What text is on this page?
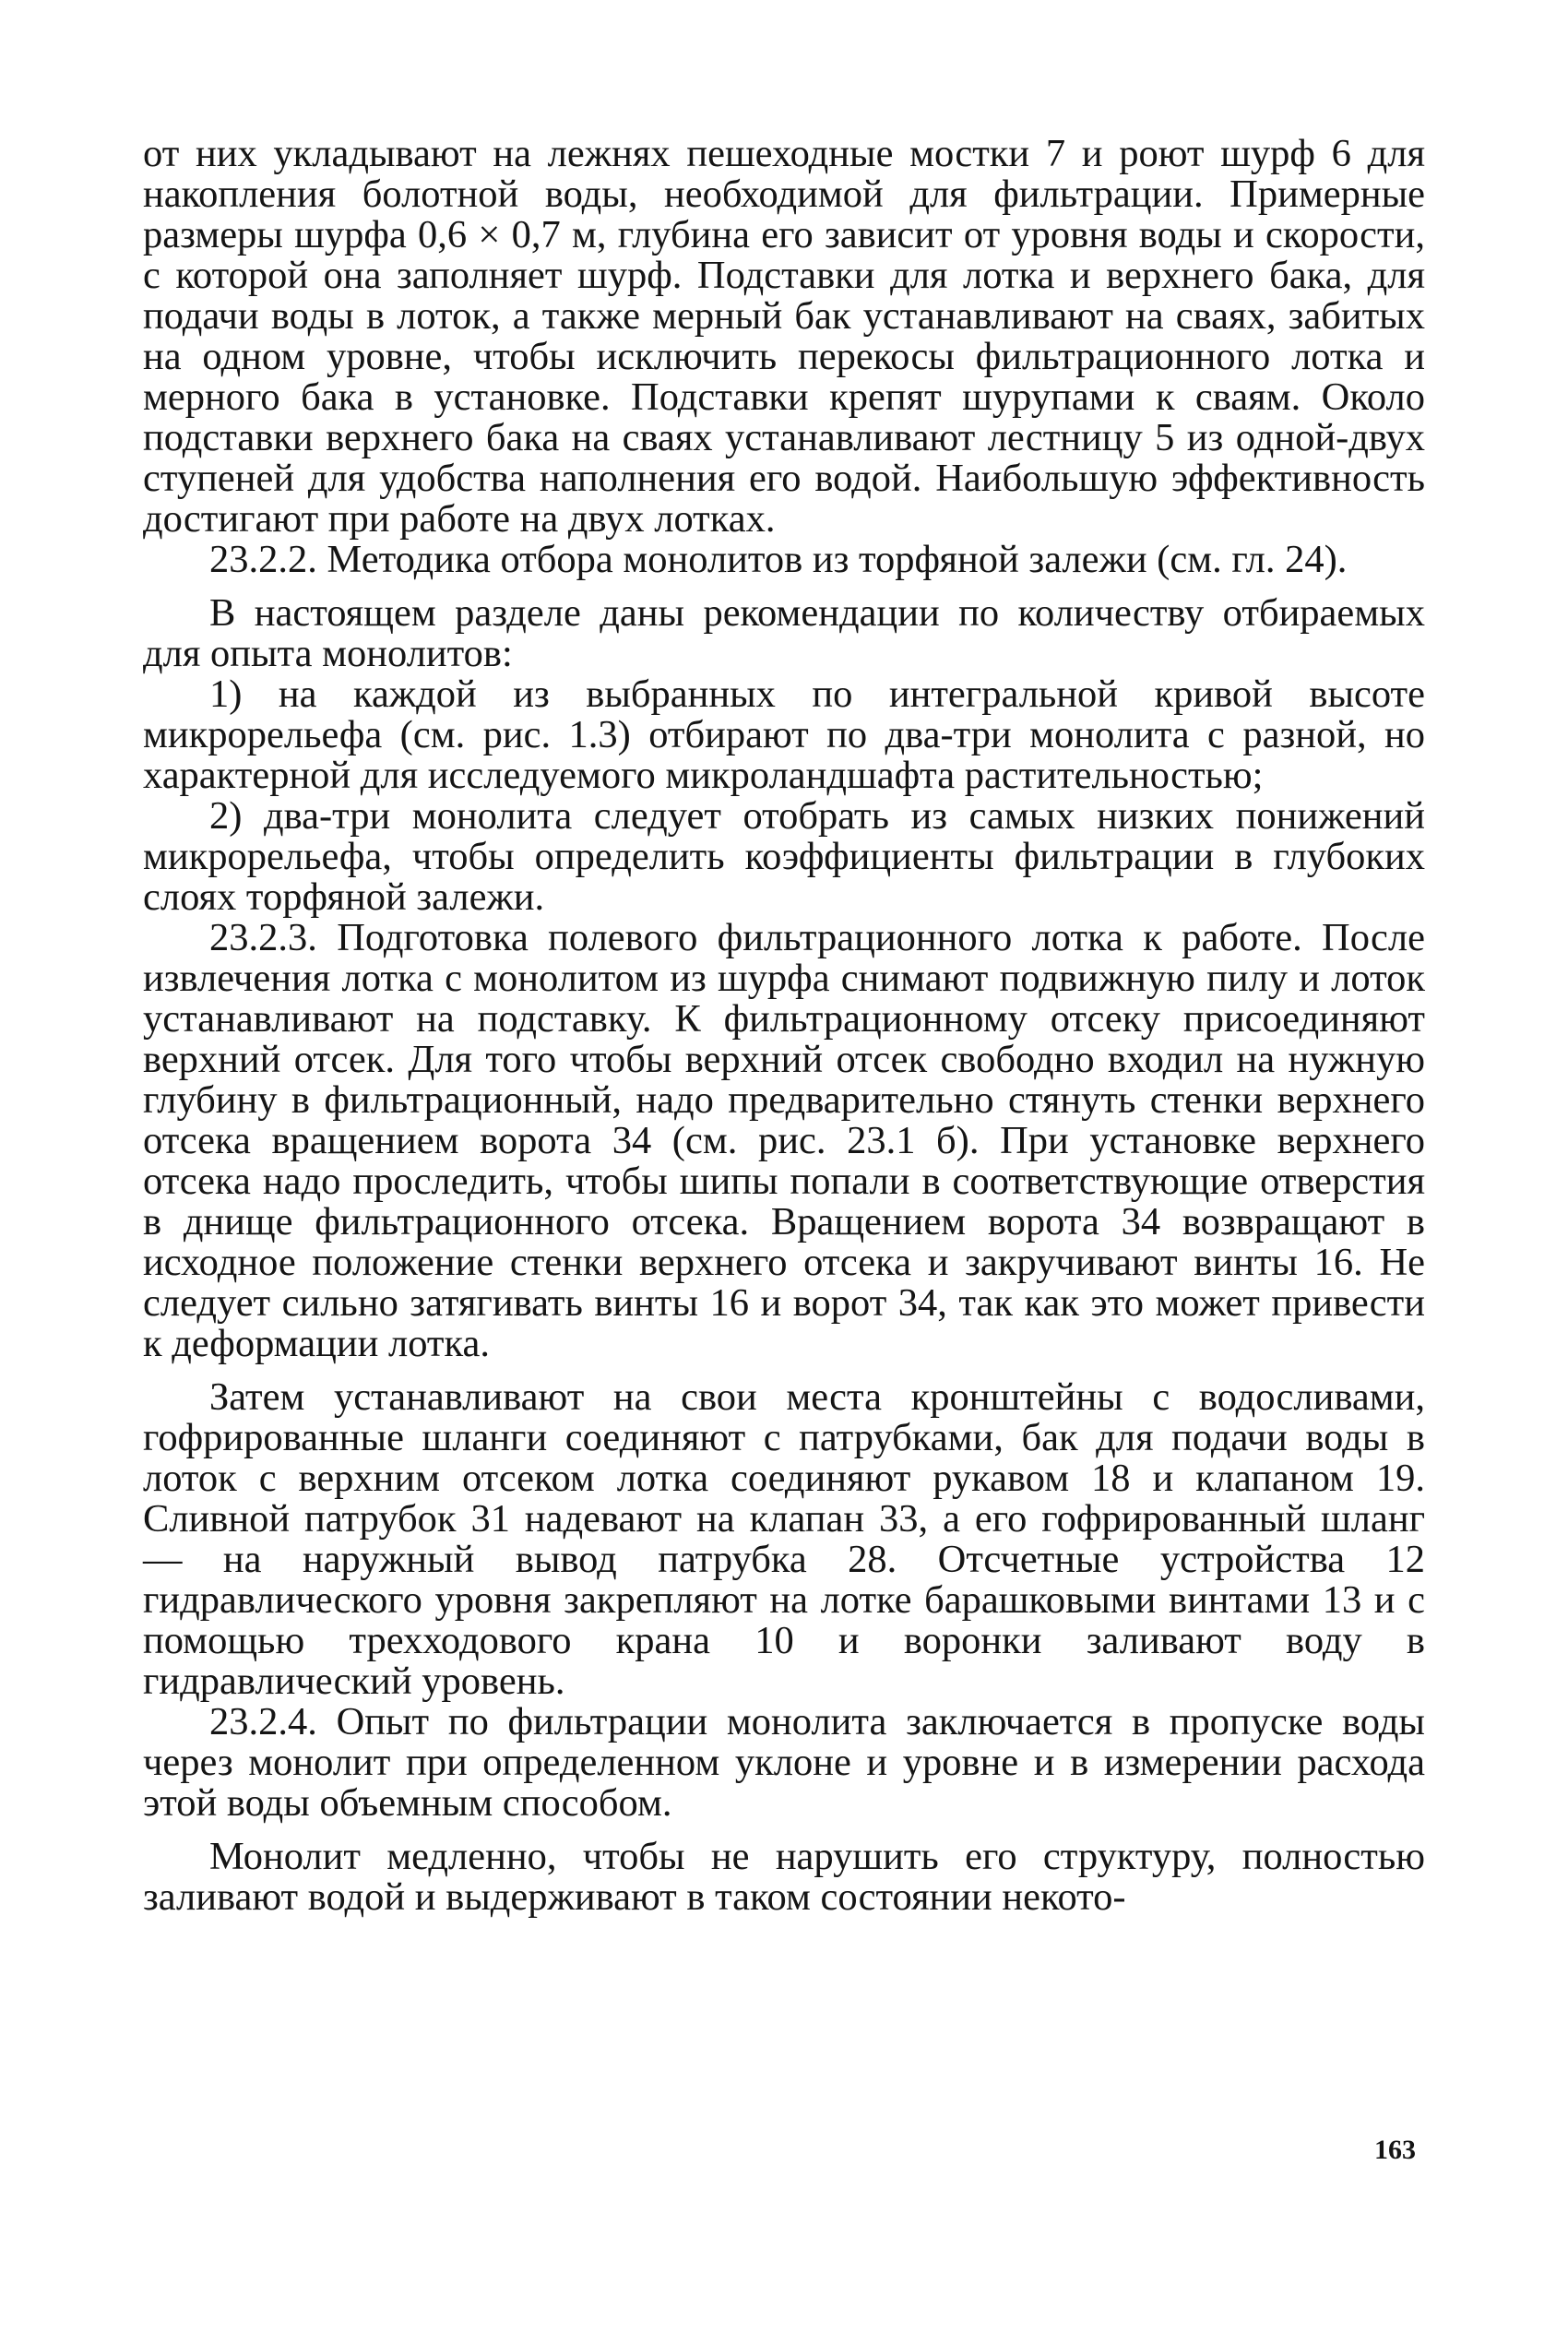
от них укладывают на лежнях пешеходные мостки 7 и роют шурф 6 для накопления болотной воды, необходимой для фильтрации. Примерные размеры шурфа 0,6 × 0,7 м, глубина его зависит от уровня воды и скорости, с которой она заполняет шурф. Подставки для лотка и верхнего бака, для подачи воды в лоток, а также мерный бак устанавливают на сваях, забитых на одном уровне, чтобы исключить перекосы фильтрационного лотка и мерного бака в установке. Подставки крепят шурупами к сваям. Около подставки верхнего бака на сваях устанавливают лестницу 5 из одной-двух ступеней для удобства наполнения его водой. Наибольшую эффективность достигают при работе на двух лотках.

23.2.2. Методика отбора монолитов из торфяной залежи (см. гл. 24).

В настоящем разделе даны рекомендации по количеству отбираемых для опыта монолитов:

1) на каждой из выбранных по интегральной кривой высоте микрорельефа (см. рис. 1.3) отбирают по два-три монолита с разной, но характерной для исследуемого микроландшафта растительностью;

2) два-три монолита следует отобрать из самых низких понижений микрорельефа, чтобы определить коэффициенты фильтрации в глубоких слоях торфяной залежи.

23.2.3. Подготовка полевого фильтрационного лотка к работе. После извлечения лотка с монолитом из шурфа снимают подвижную пилу и лоток устанавливают на подставку. К фильтрационному отсеку присоединяют верхний отсек. Для того чтобы верхний отсек свободно входил на нужную глубину в фильтрационный, надо предварительно стянуть стенки верхнего отсека вращением ворота 34 (см. рис. 23.1 б). При установке верхнего отсека надо проследить, чтобы шипы попали в соответствующие отверстия в днище фильтрационного отсека. Вращением ворота 34 возвращают в исходное положение стенки верхнего отсека и закручивают винты 16. Не следует сильно затягивать винты 16 и ворот 34, так как это может привести к деформации лотка.

Затем устанавливают на свои места кронштейны с водосливами, гофрированные шланги соединяют с патрубками, бак для подачи воды в лоток с верхним отсеком лотка соединяют рукавом 18 и клапаном 19. Сливной патрубок 31 надевают на клапан 33, а его гофрированный шланг — на наружный вывод патрубка 28. Отсчетные устройства 12 гидравлического уровня закрепляют на лотке барашковыми винтами 13 и с помощью трехходового крана 10 и воронки заливают воду в гидравлический уровень.

23.2.4. Опыт по фильтрации монолита заключается в пропуске воды через монолит при определенном уклоне и уровне и в измерении расхода этой воды объемным способом.

Монолит медленно, чтобы не нарушить его структуру, полностью заливают водой и выдерживают в таком состоянии некото-

163
